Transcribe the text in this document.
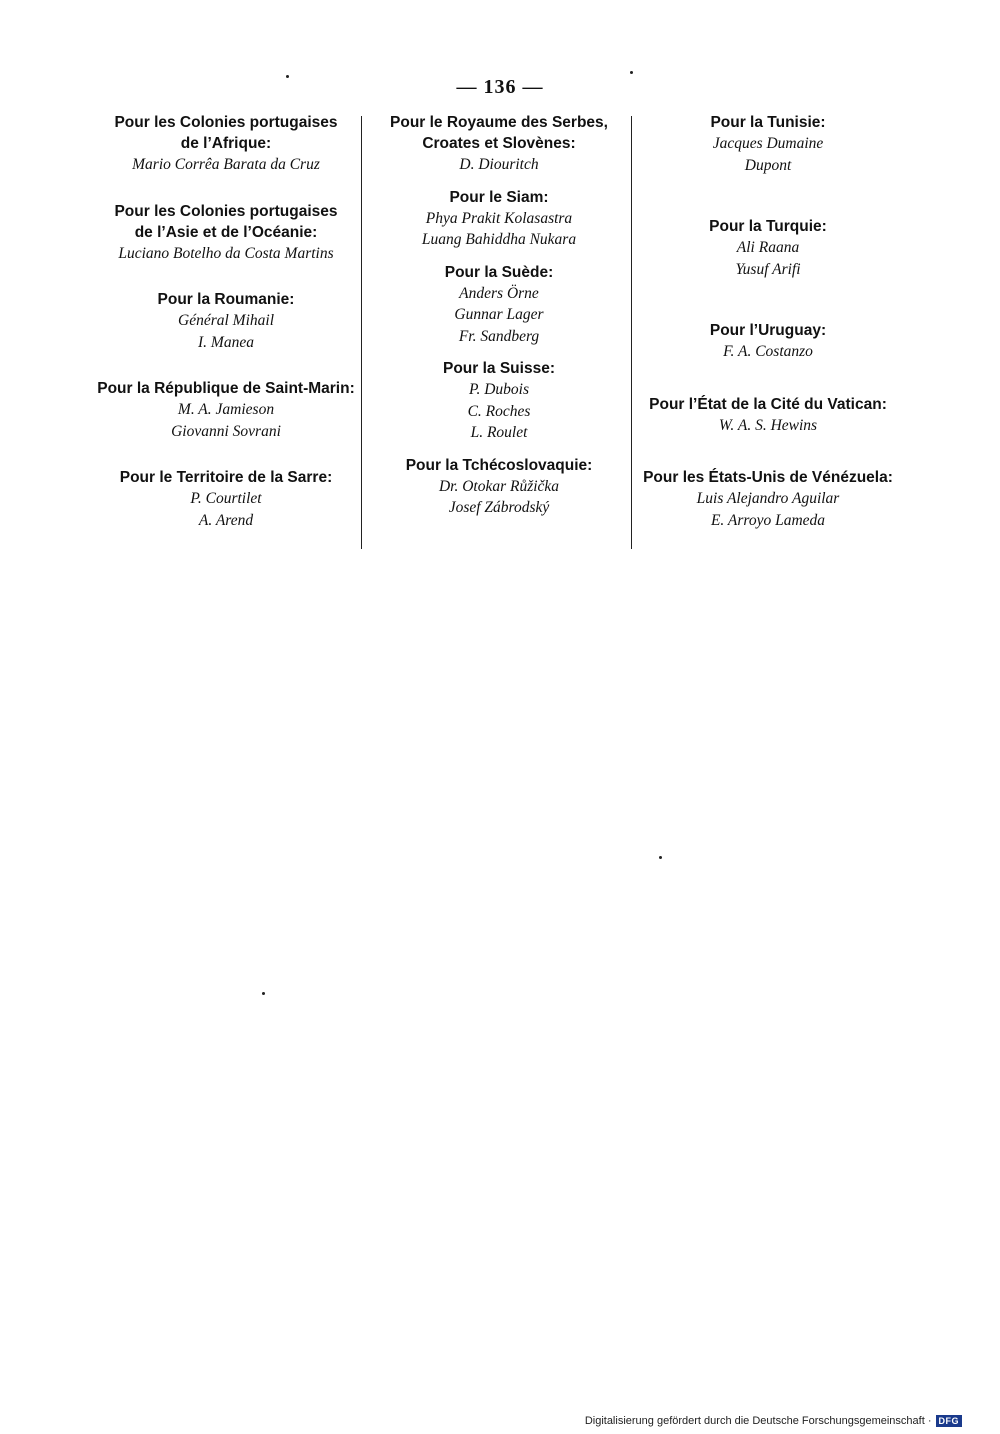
— 136 —
Pour les Colonies portugaises
de l’Afrique:
Mario Corrêa Barata da Cruz
Pour les Colonies portugaises
de l’Asie et de l’Océanie:
Luciano Botelho da Costa Martins
Pour la Roumanie:
Général Mihail
I. Manea
Pour la République de Saint-Marin:
M. A. Jamieson
Giovanni Sovrani
Pour le Territoire de la Sarre:
P. Courtilet
A. Arend
Pour le Royaume des Serbes,
Croates et Slovènes:
D. Diouritch
Pour le Siam:
Phya Prakit Kolasastra
Luang Bahiddha Nukara
Pour la Suède:
Anders Örne
Gunnar Lager
Fr. Sandberg
Pour la Suisse:
P. Dubois
C. Roches
L. Roulet
Pour la Tchécoslovaquie:
Dr. Otokar Růžička
Josef Zábrodský
Pour la Tunisie:
Jacques Dumaine
Dupont
Pour la Turquie:
Ali Raana
Yusuf Arifi
Pour l’Uruguay:
F. A. Costanzo
Pour l’État de la Cité du Vatican:
W. A. S. Hewins
Pour les États-Unis de Vénézuela:
Luis Alejandro Aguilar
E. Arroyo Lameda
Digitalisierung gefördert durch die Deutsche Forschungsgemeinschaft · DFG
